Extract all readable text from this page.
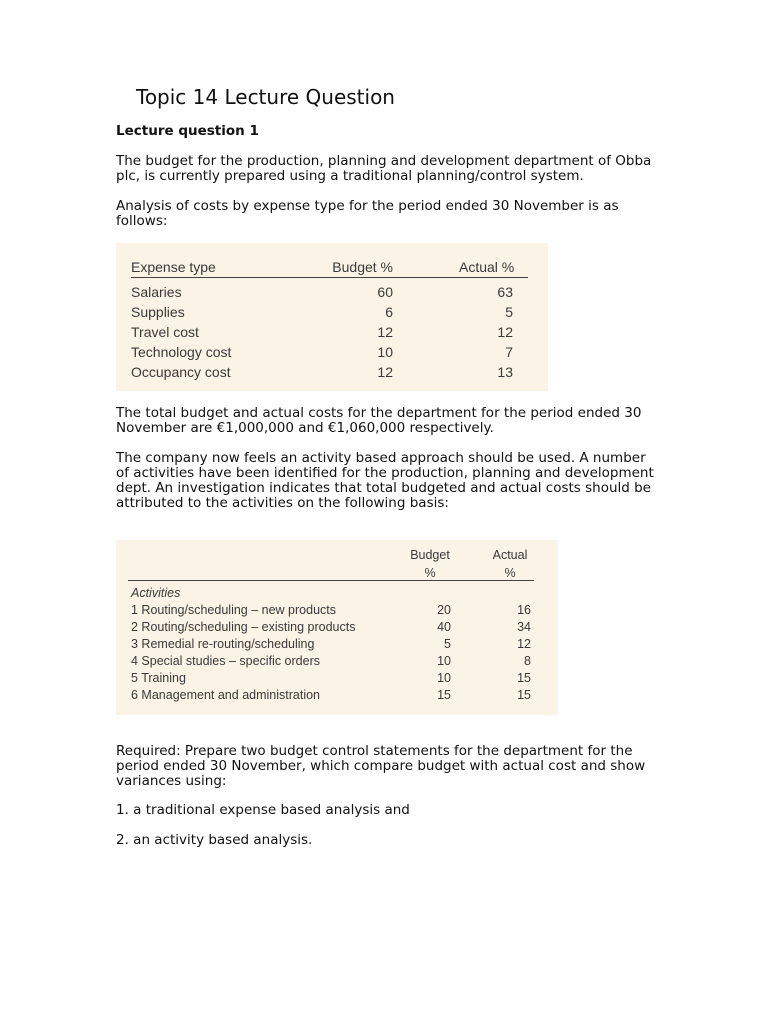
Topic 14 Lecture Question
Lecture question 1

The budget for the production, planning and development department of Obba plc, is currently prepared using a traditional planning/control system.

Analysis of costs by expense type for the period ended 30 November is as follows:

Expense type	Budget %	Actual %
Salaries	60	63
Supplies	6	5
Travel cost	12	12
Technology cost	10	7
Occupancy cost	12	13

The total budget and actual costs for the department for the period ended 30 November are €1,000,000 and €1,060,000 respectively.

The company now feels an activity based approach should be used. A number of activities have been identified for the production, planning and development dept. An investigation indicates that total budgeted and actual costs should be attributed to the activities on the following basis:

Budget	Actual
%	%
Activities
1 Routing/scheduling – new products	20	16
2 Routing/scheduling – existing products	40	34
3 Remedial re-routing/scheduling	5	12
4 Special studies – specific orders	10	8
5 Training	10	15
6 Management and administration	15	15

Required: Prepare two budget control statements for the department for the period ended 30 November, which compare budget with actual cost and show variances using:

1. a traditional expense based analysis and

2. an activity based analysis.
